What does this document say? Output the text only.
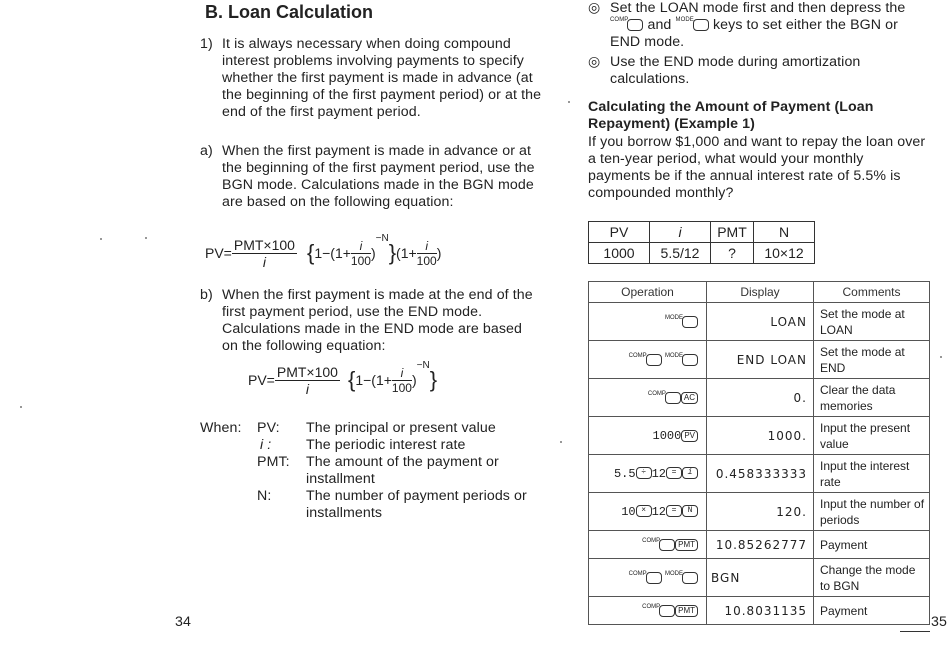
B. Loan Calculation
1) It is always necessary when doing compound interest problems involving payments to specify whether the first payment is made in advance (at the beginning of the first payment period) or at the end of the first payment period.
a) When the first payment is made in advance or at the beginning of the first payment period, use the BGN mode. Calculations made in the BGN mode are based on the following equation:
$PV= \frac{\text{PMT×100}}{i}$ { $1 -(1+ \frac{i}{100}$ )
−N
} ($1+ \frac{i}{100}$ )
b) When the first payment is made at the end of the first payment period, use the END mode. Calculations made in the END mode are based on the following equation:
$PV= \frac{\text{PMT×100}}{i}$ { $1 -(1+ \frac{i}{100}$ )
−N
}
When: PV: The principal or present value
i : The periodic interest rate
PMT: The amount of the payment or installment
N: The number of payment periods or installments
34
◎ Set the LOAN mode first and then depress the COMP and MODE keys to set either the BGN or END mode.
◎ Use the END mode during amortization calculations.
Calculating the Amount of Payment (Loan Repayment) (Example 1)
If you borrow $1,000 and want to repay the loan over a ten-year period, what would your monthly payments be if the annual interest rate of 5.5% is compounded monthly?
PV	i	PMT	N
1000	5.5/12	?	10×12
Operation	Display	Comments
MODE	LOAN	Set the mode at LOAN
COMP MODE	END LOAN	Set the mode at END
COMP AC	0.	Clear the data memories
1000 PV	1000.	Input the present value
5.5 ÷ 12 = i	0.458333333	Input the interest rate
10 × 12 = N	120.	Input the number of periods
COMP PMT	10.85262777	Payment
COMP MODE	BGN	Change the mode to BGN
COMP PMT	10.8031135	Payment
35
